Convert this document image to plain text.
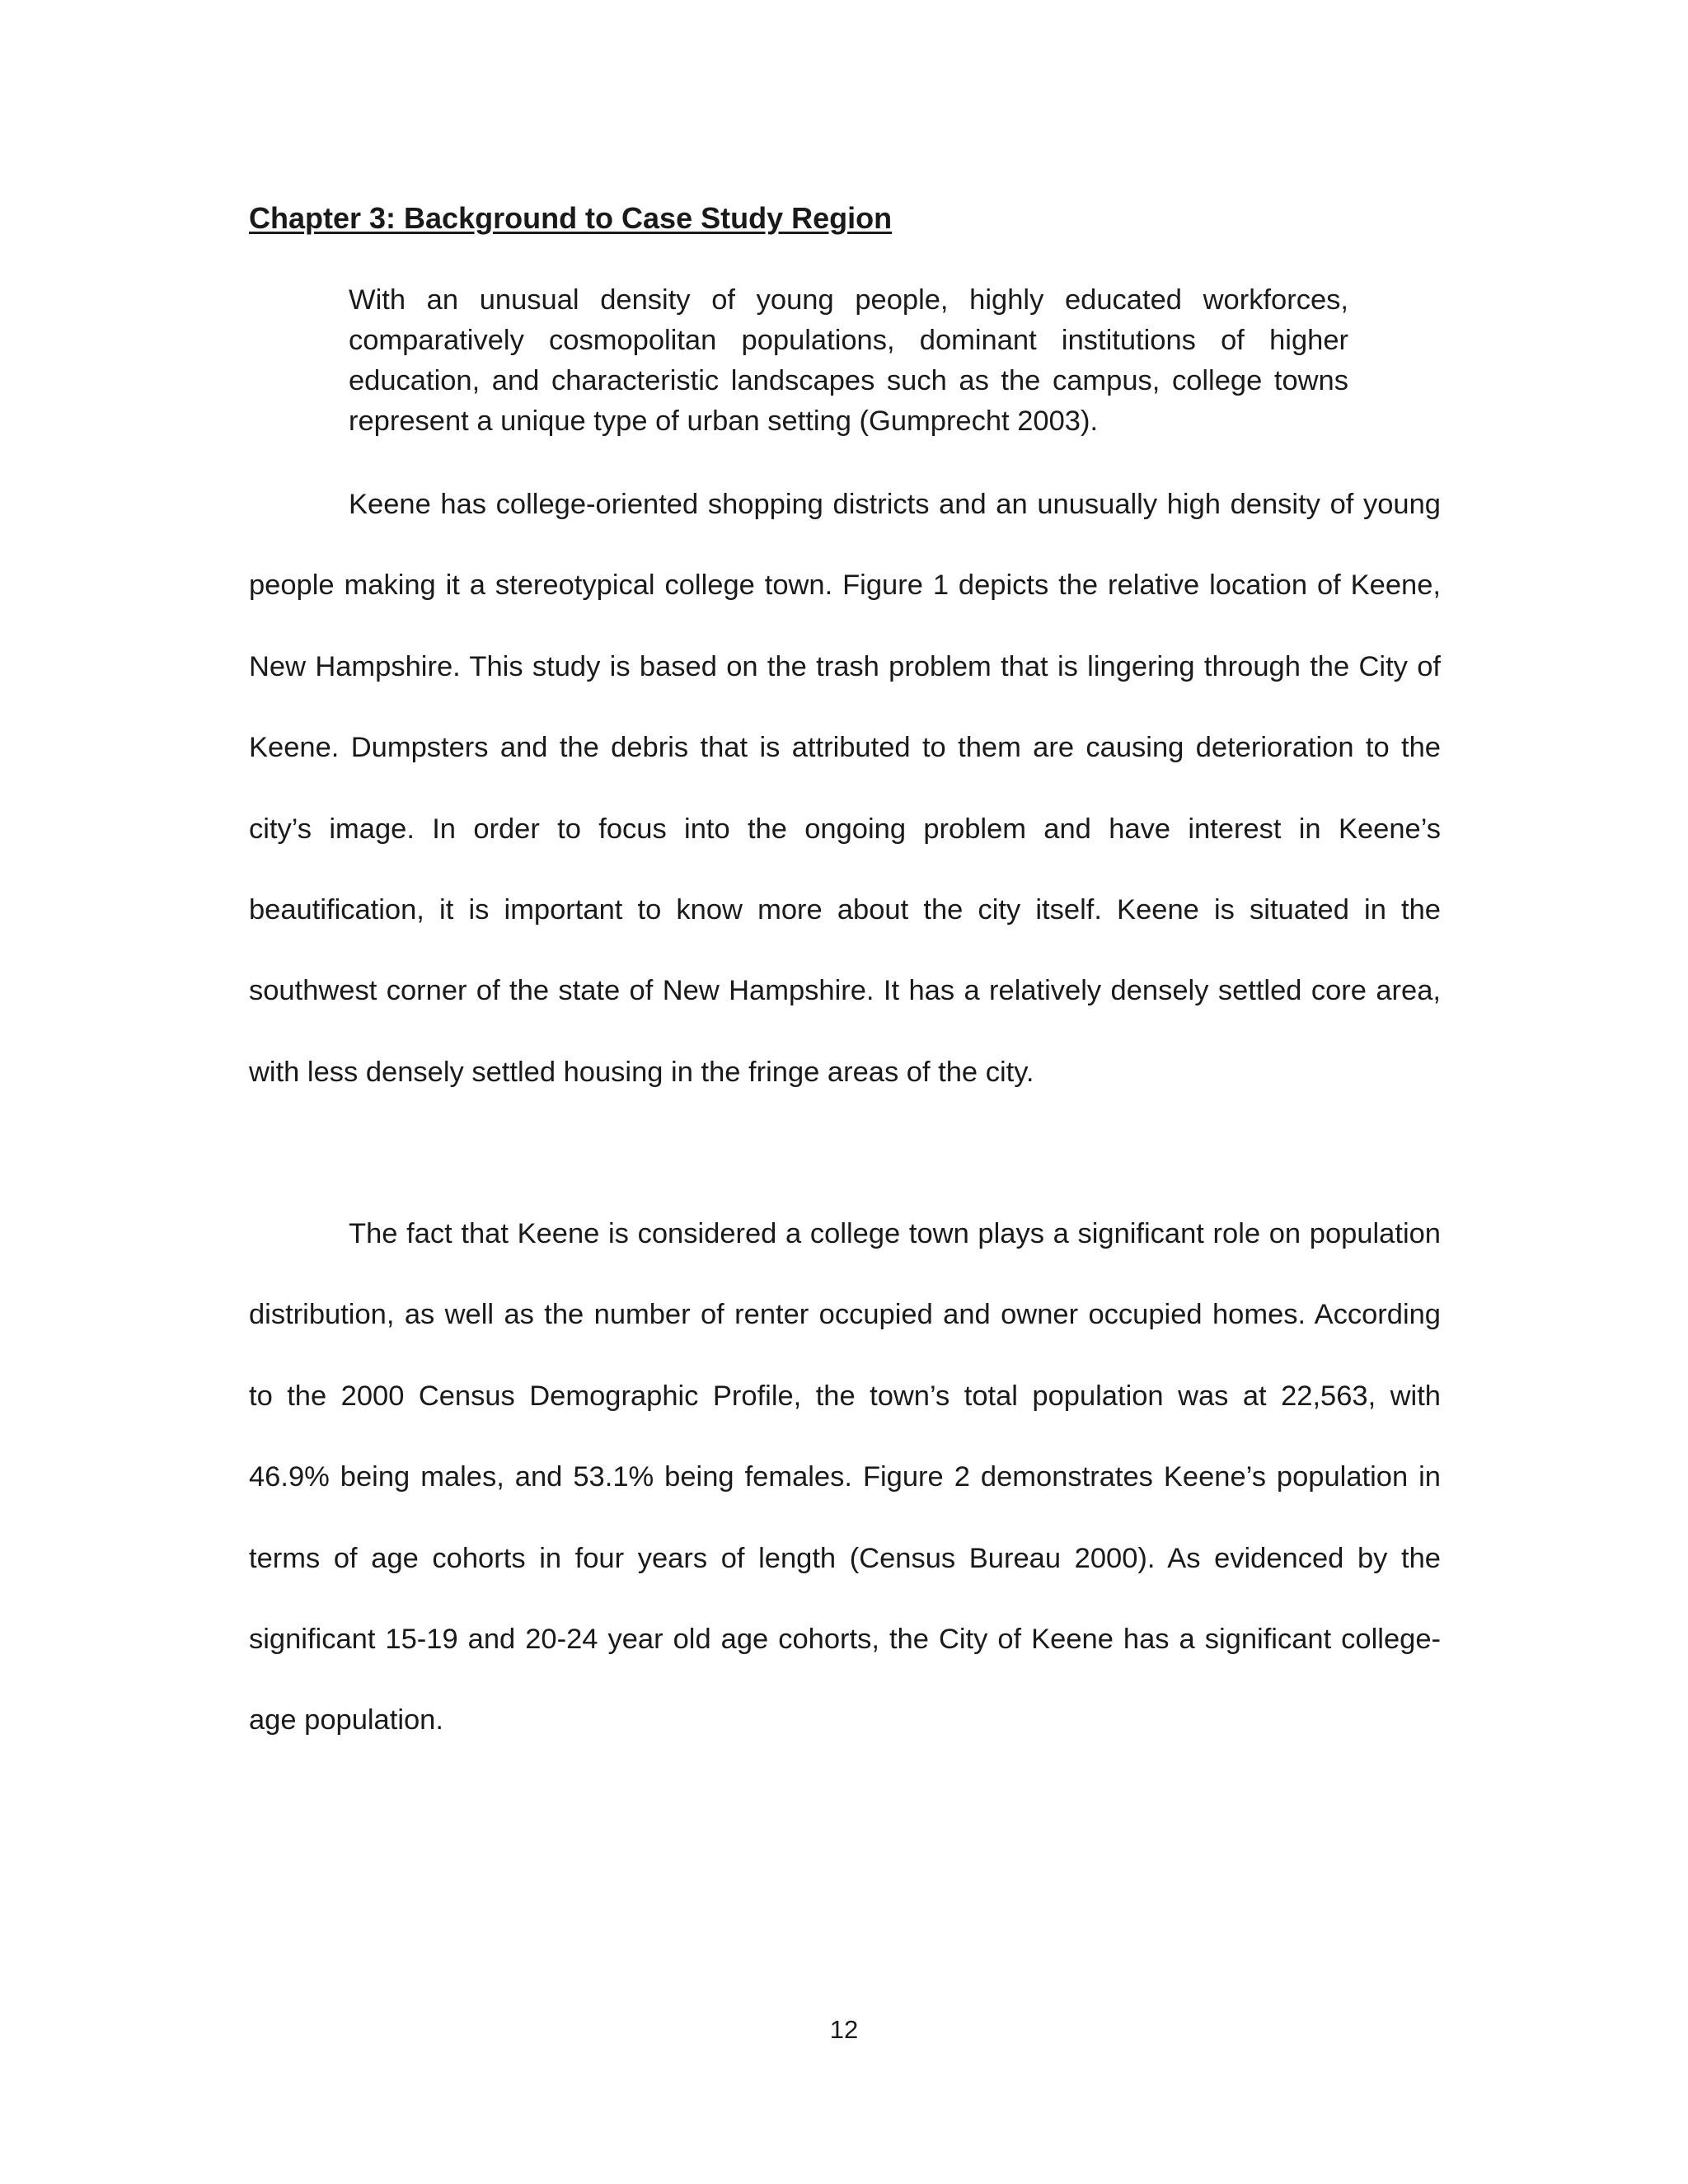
Chapter 3: Background to Case Study Region

With an unusual density of young people, highly educated workforces, comparatively cosmopolitan populations, dominant institutions of higher education, and characteristic landscapes such as the campus, college towns represent a unique type of urban setting (Gumprecht 2003).

Keene has college-oriented shopping districts and an unusually high density of young people making it a stereotypical college town. Figure 1 depicts the relative location of Keene, New Hampshire. This study is based on the trash problem that is lingering through the City of Keene. Dumpsters and the debris that is attributed to them are causing deterioration to the city’s image. In order to focus into the ongoing problem and have interest in Keene’s beautification, it is important to know more about the city itself. Keene is situated in the southwest corner of the state of New Hampshire. It has a relatively densely settled core area, with less densely settled housing in the fringe areas of the city.

The fact that Keene is considered a college town plays a significant role on population distribution, as well as the number of renter occupied and owner occupied homes. According to the 2000 Census Demographic Profile, the town’s total population was at 22,563, with 46.9% being males, and 53.1% being females. Figure 2 demonstrates Keene’s population in terms of age cohorts in four years of length (Census Bureau 2000). As evidenced by the significant 15-19 and 20-24 year old age cohorts, the City of Keene has a significant college-age population.

12
